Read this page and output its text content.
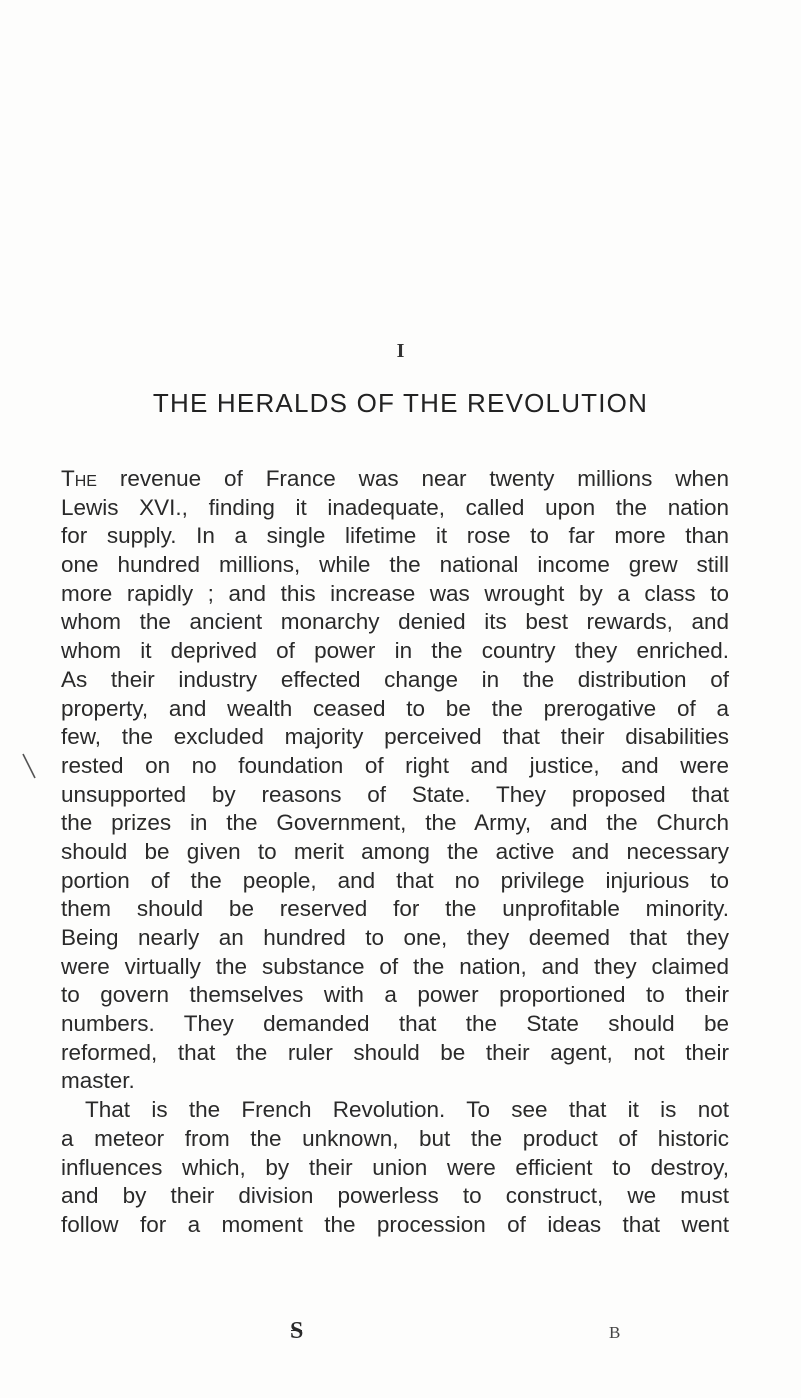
I
THE HERALDS OF THE REVOLUTION
The revenue of France was near twenty millions when
Lewis XVI., finding it inadequate, called upon the nation
for supply. In a single lifetime it rose to far more than
one hundred millions, while the national income grew still
more rapidly ; and this increase was wrought by a class to
whom the ancient monarchy denied its best rewards, and
whom it deprived of power in the country they enriched.
As their industry effected change in the distribution of
property, and wealth ceased to be the prerogative of a
few, the excluded majority perceived that their disabilities
rested on no foundation of right and justice, and were
unsupported by reasons of State. They proposed that
the prizes in the Government, the Army, and the Church
should be given to merit among the active and necessary
portion of the people, and that no privilege injurious to
them should be reserved for the unprofitable minority.
Being nearly an hundred to one, they deemed that they
were virtually the substance of the nation, and they claimed
to govern themselves with a power proportioned to their
numbers. They demanded that the State should be
reformed, that the ruler should be their agent, not their
master.
That is the French Revolution. To see that it is not
a meteor from the unknown, but the product of historic
influences which, by their union were efficient to destroy,
and by their division powerless to construct, we must
follow for a moment the procession of ideas that went
S	B
